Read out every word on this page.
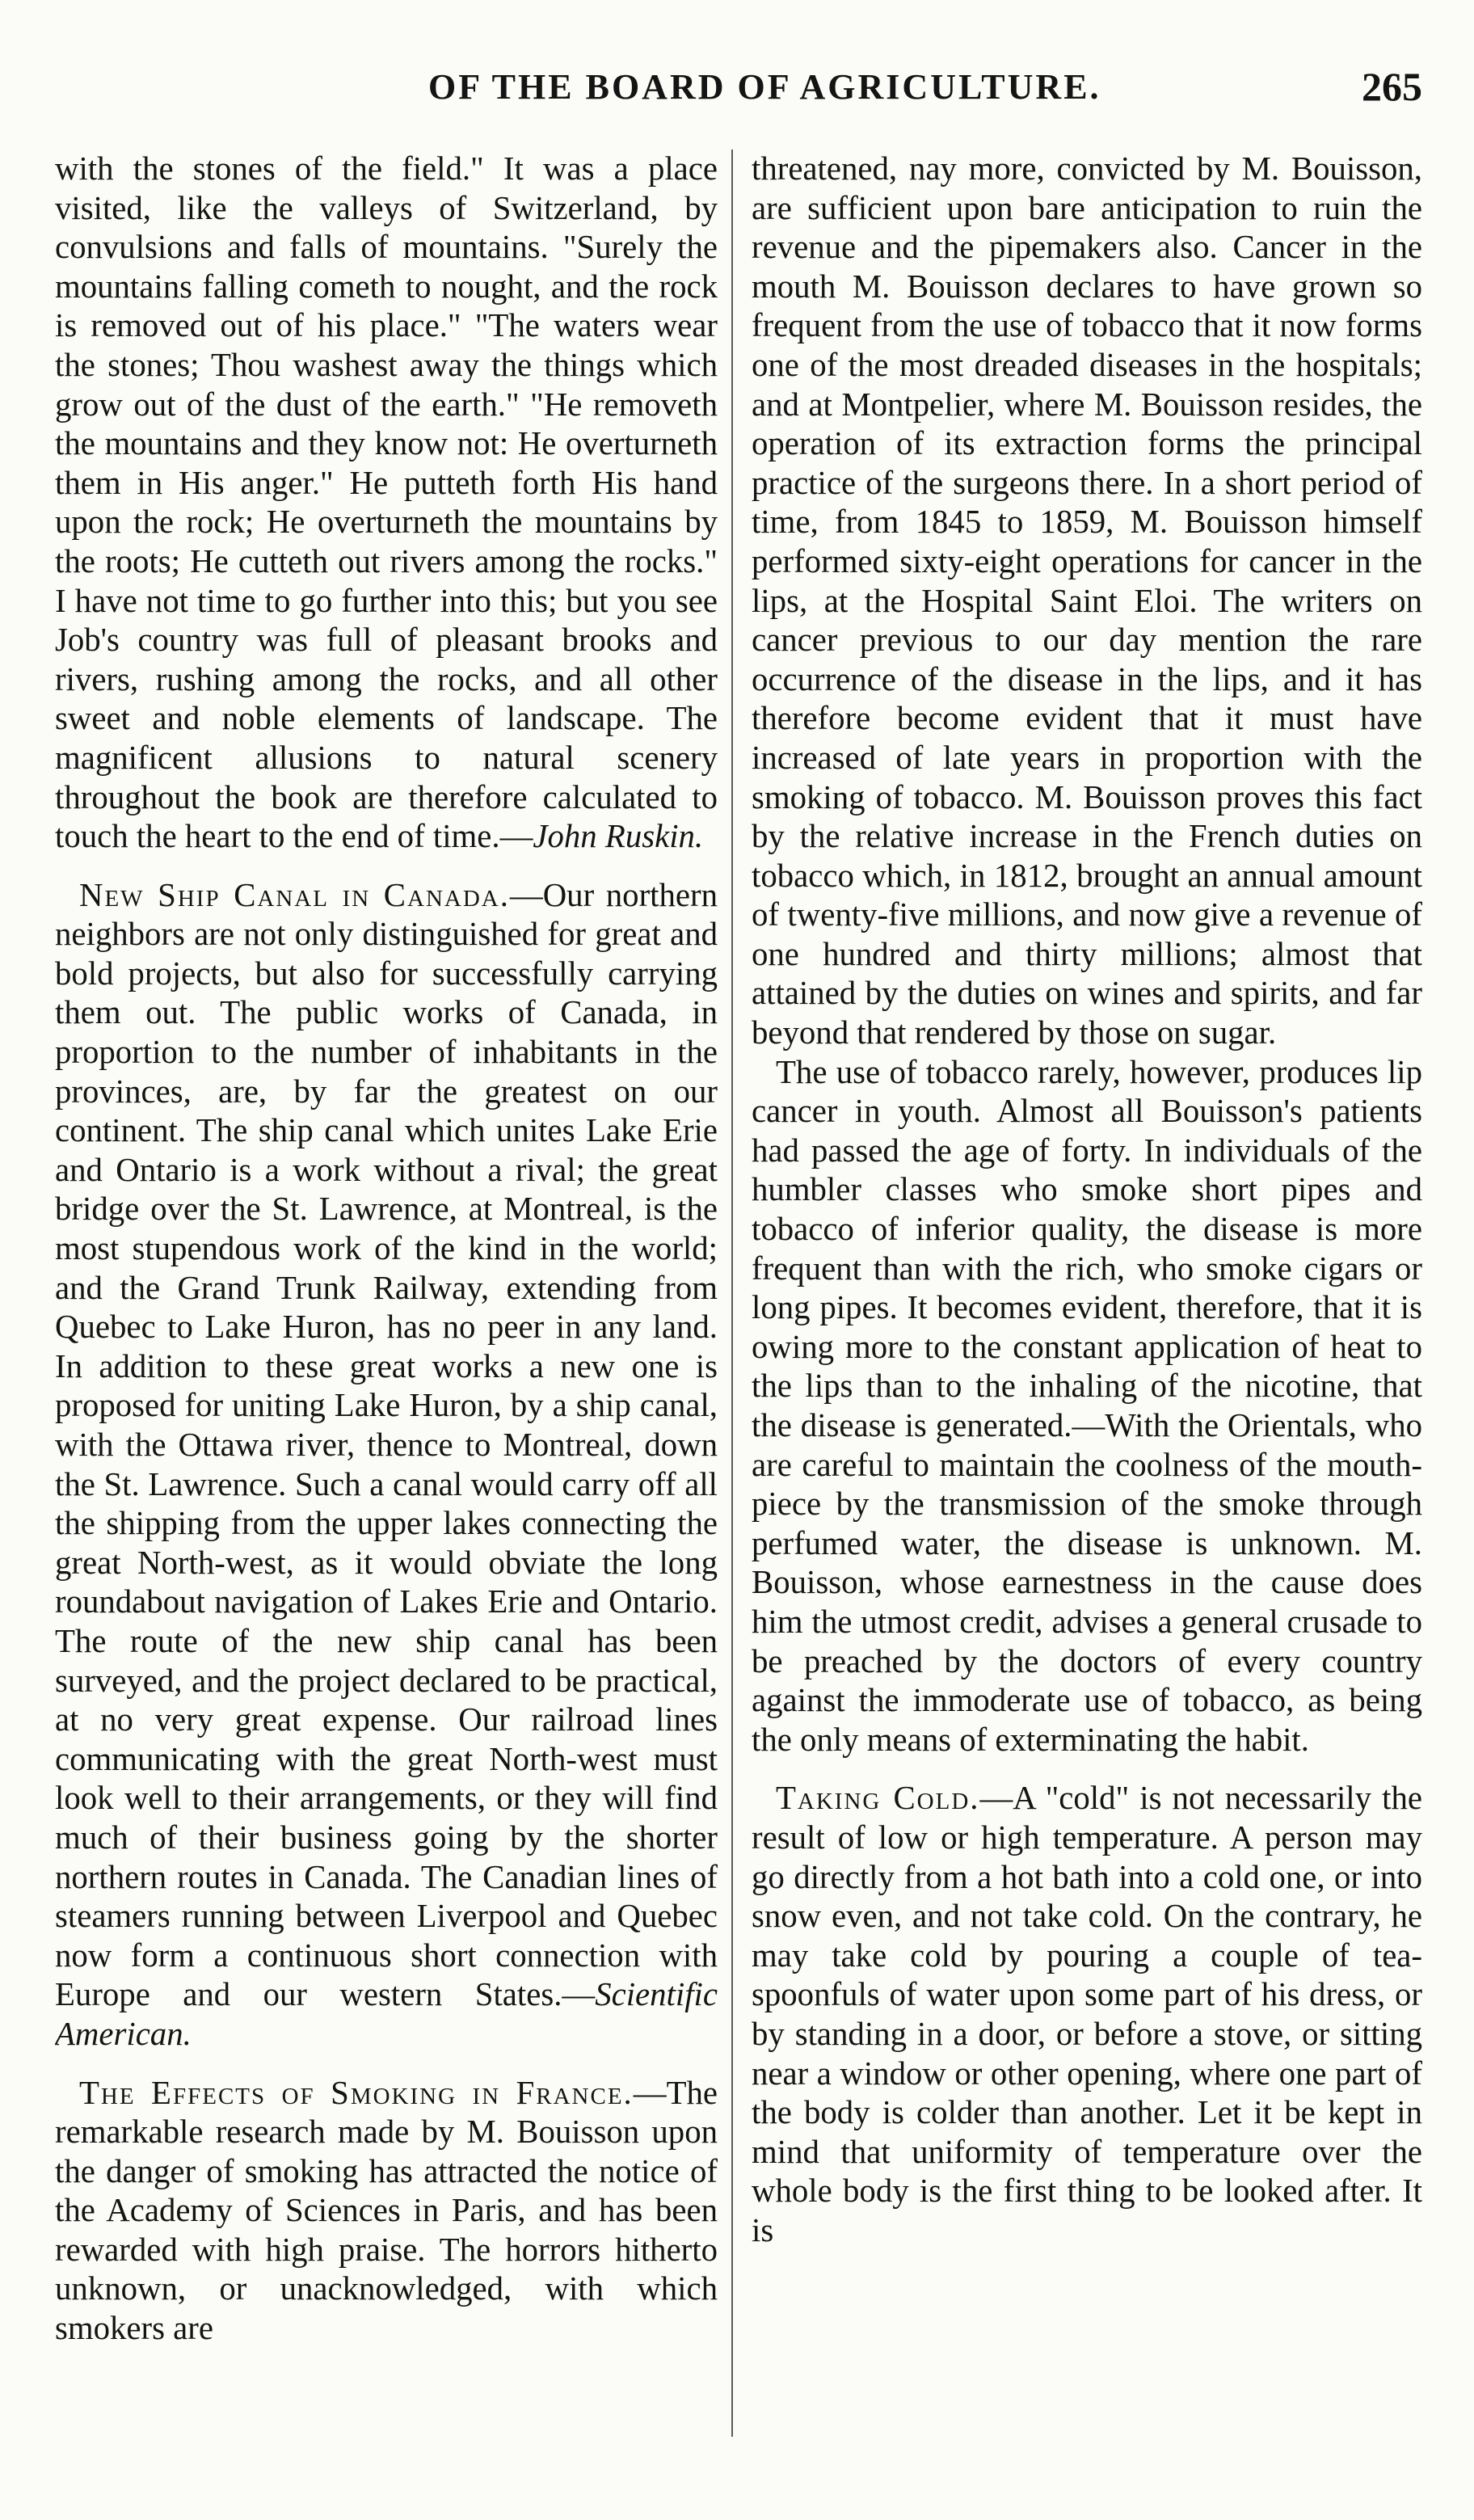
OF THE BOARD OF AGRICULTURE.	265

with the stones of the field." It was a place visited, like the valleys of Switzerland, by convulsions and falls of mountains. "Surely the mountains falling cometh to nought, and the rock is removed out of his place." "The waters wear the stones; Thou washest away the things which grow out of the dust of the earth." "He removeth the mountains and they know not: He overturneth them in His anger." He putteth forth His hand upon the rock; He overturneth the mountains by the roots; He cutteth out rivers among the rocks." I have not time to go further into this; but you see Job's country was full of pleasant brooks and rivers, rushing among the rocks, and all other sweet and noble elements of landscape. The magnificent allusions to natural scenery throughout the book are therefore calculated to touch the heart to the end of time.—John Ruskin.

New Ship Canal in Canada.—Our northern neighbors are not only distinguished for great and bold projects, but also for successfully carrying them out. The public works of Canada, in proportion to the number of inhabitants in the provinces, are, by far the greatest on our continent. The ship canal which unites Lake Erie and Ontario is a work without a rival; the great bridge over the St. Lawrence, at Montreal, is the most stupendous work of the kind in the world; and the Grand Trunk Railway, extending from Quebec to Lake Huron, has no peer in any land. In addition to these great works a new one is proposed for uniting Lake Huron, by a ship canal, with the Ottawa river, thence to Montreal, down the St. Lawrence. Such a canal would carry off all the shipping from the upper lakes connecting the great North-west, as it would obviate the long roundabout navigation of Lakes Erie and Ontario. The route of the new ship canal has been surveyed, and the project declared to be practical, at no very great expense. Our railroad lines communicating with the great North-west must look well to their arrangements, or they will find much of their business going by the shorter northern routes in Canada. The Canadian lines of steamers running between Liverpool and Quebec now form a continuous short connection with Europe and our western States.—Scientific American.

The Effects of Smoking in France.—The remarkable research made by M. Bouisson upon the danger of smoking has attracted the notice of the Academy of Sciences in Paris, and has been rewarded with high praise. The horrors hitherto unknown, or unacknowledged, with which smokers are

threatened, nay more, convicted by M. Bouisson, are sufficient upon bare anticipation to ruin the revenue and the pipemakers also. Cancer in the mouth M. Bouisson declares to have grown so frequent from the use of tobacco that it now forms one of the most dreaded diseases in the hospitals; and at Montpelier, where M. Bouisson resides, the operation of its extraction forms the principal practice of the surgeons there. In a short period of time, from 1845 to 1859, M. Bouisson himself performed sixty-eight operations for cancer in the lips, at the Hospital Saint Eloi. The writers on cancer previous to our day mention the rare occurrence of the disease in the lips, and it has therefore become evident that it must have increased of late years in proportion with the smoking of tobacco. M. Bouisson proves this fact by the relative increase in the French duties on tobacco which, in 1812, brought an annual amount of twenty-five millions, and now give a revenue of one hundred and thirty millions; almost that attained by the duties on wines and spirits, and far beyond that rendered by those on sugar.

The use of tobacco rarely, however, produces lip cancer in youth. Almost all Bouisson's patients had passed the age of forty. In individuals of the humbler classes who smoke short pipes and tobacco of inferior quality, the disease is more frequent than with the rich, who smoke cigars or long pipes. It becomes evident, therefore, that it is owing more to the constant application of heat to the lips than to the inhaling of the nicotine, that the disease is generated.—With the Orientals, who are careful to maintain the coolness of the mouth-piece by the transmission of the smoke through perfumed water, the disease is unknown. M. Bouisson, whose earnestness in the cause does him the utmost credit, advises a general crusade to be preached by the doctors of every country against the immoderate use of tobacco, as being the only means of exterminating the habit.

Taking Cold.—A "cold" is not necessarily the result of low or high temperature. A person may go directly from a hot bath into a cold one, or into snow even, and not take cold. On the contrary, he may take cold by pouring a couple of tea-spoonfuls of water upon some part of his dress, or by standing in a door, or before a stove, or sitting near a window or other opening, where one part of the body is colder than another. Let it be kept in mind that uniformity of temperature over the whole body is the first thing to be looked after. It is
